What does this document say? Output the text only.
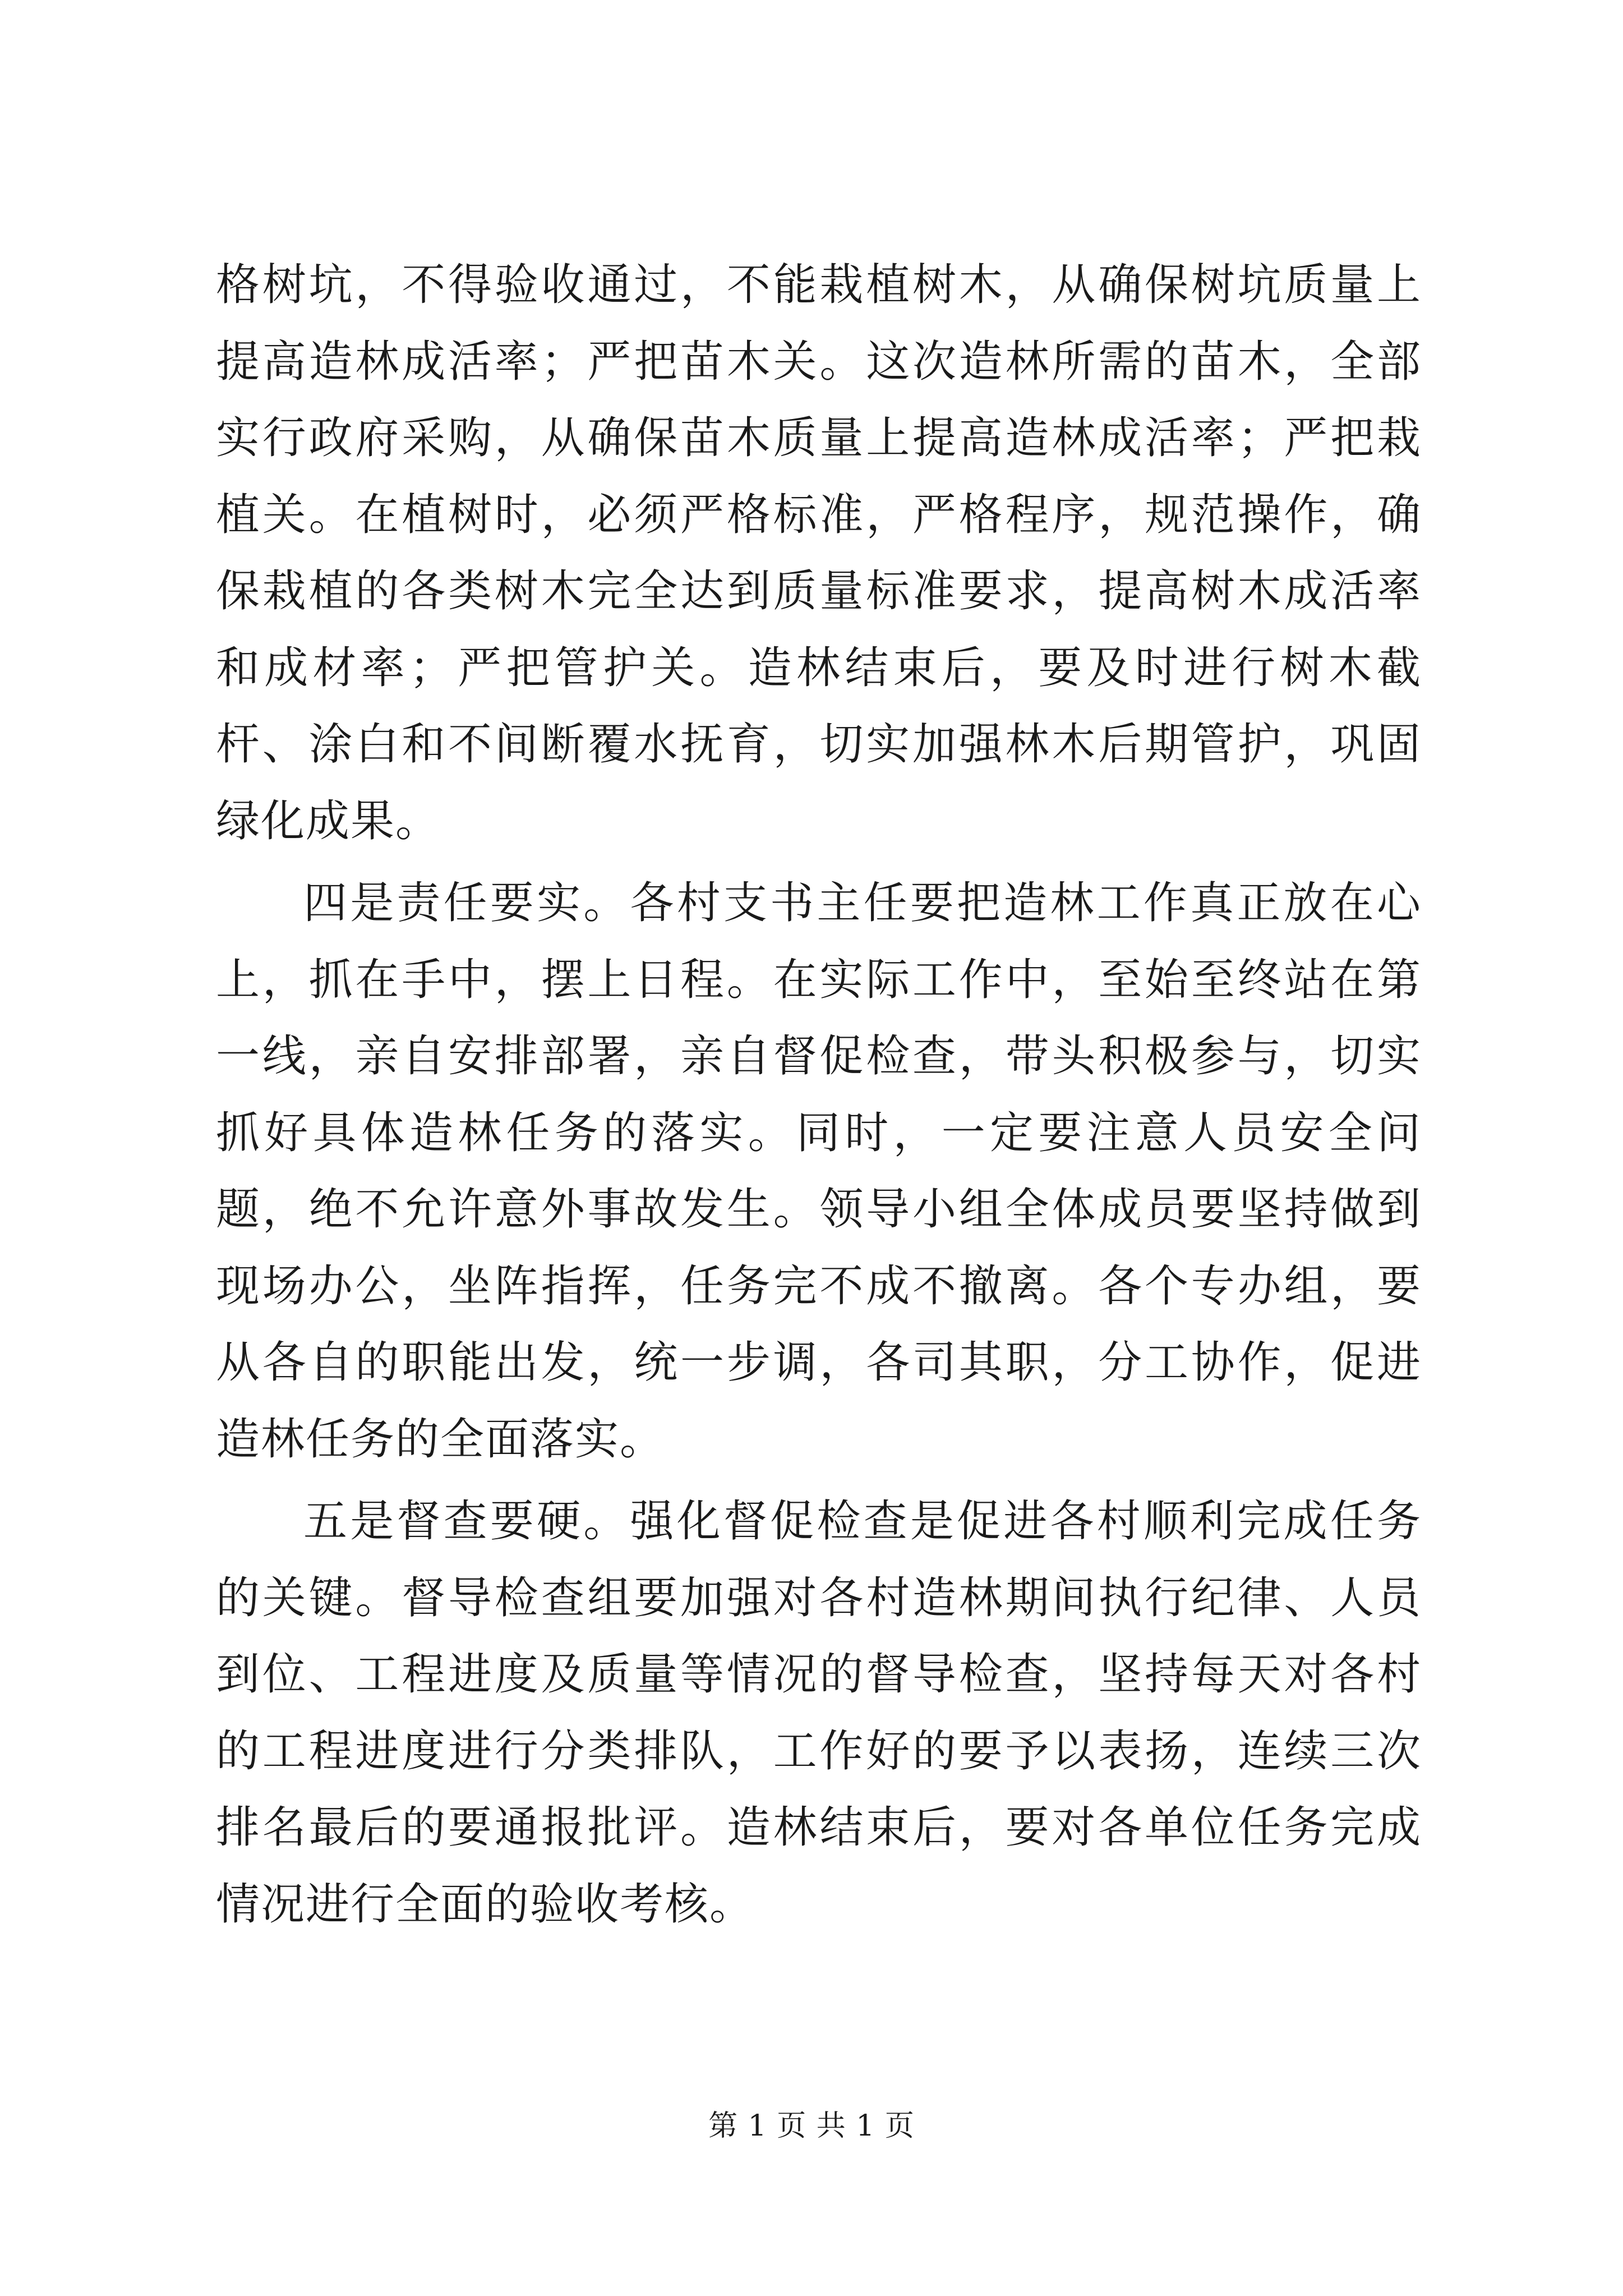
格树坑，不得验收通过，不能栽植树木，从确保树坑质量上提高造林成活率；严把苗木关。这次造林所需的苗木，全部实行政府采购，从确保苗木质量上提高造林成活率；严把栽植关。在植树时，必须严格标准，严格程序，规范操作，确保栽植的各类树木完全达到质量标准要求，提高树木成活率和成材率；严把管护关。造林结束后，要及时进行树木截杆、涂白和不间断覆水抚育，切实加强林木后期管护，巩固绿化成果。

四是责任要实。各村支书主任要把造林工作真正放在心上，抓在手中，摆上日程。在实际工作中，至始至终站在第一线，亲自安排部署，亲自督促检查，带头积极参与，切实抓好具体造林任务的落实。同时，一定要注意人员安全问题，绝不允许意外事故发生。领导小组全体成员要坚持做到现场办公，坐阵指挥，任务完不成不撤离。各个专办组，要从各自的职能出发，统一步调，各司其职，分工协作，促进造林任务的全面落实。

五是督查要硬。强化督促检查是促进各村顺利完成任务的关键。督导检查组要加强对各村造林期间执行纪律、人员到位、工程进度及质量等情况的督导检查，坚持每天对各村的工程进度进行分类排队，工作好的要予以表扬，连续三次排名最后的要通报批评。造林结束后，要对各单位任务完成情况进行全面的验收考核。

第 1 页 共 1 页
